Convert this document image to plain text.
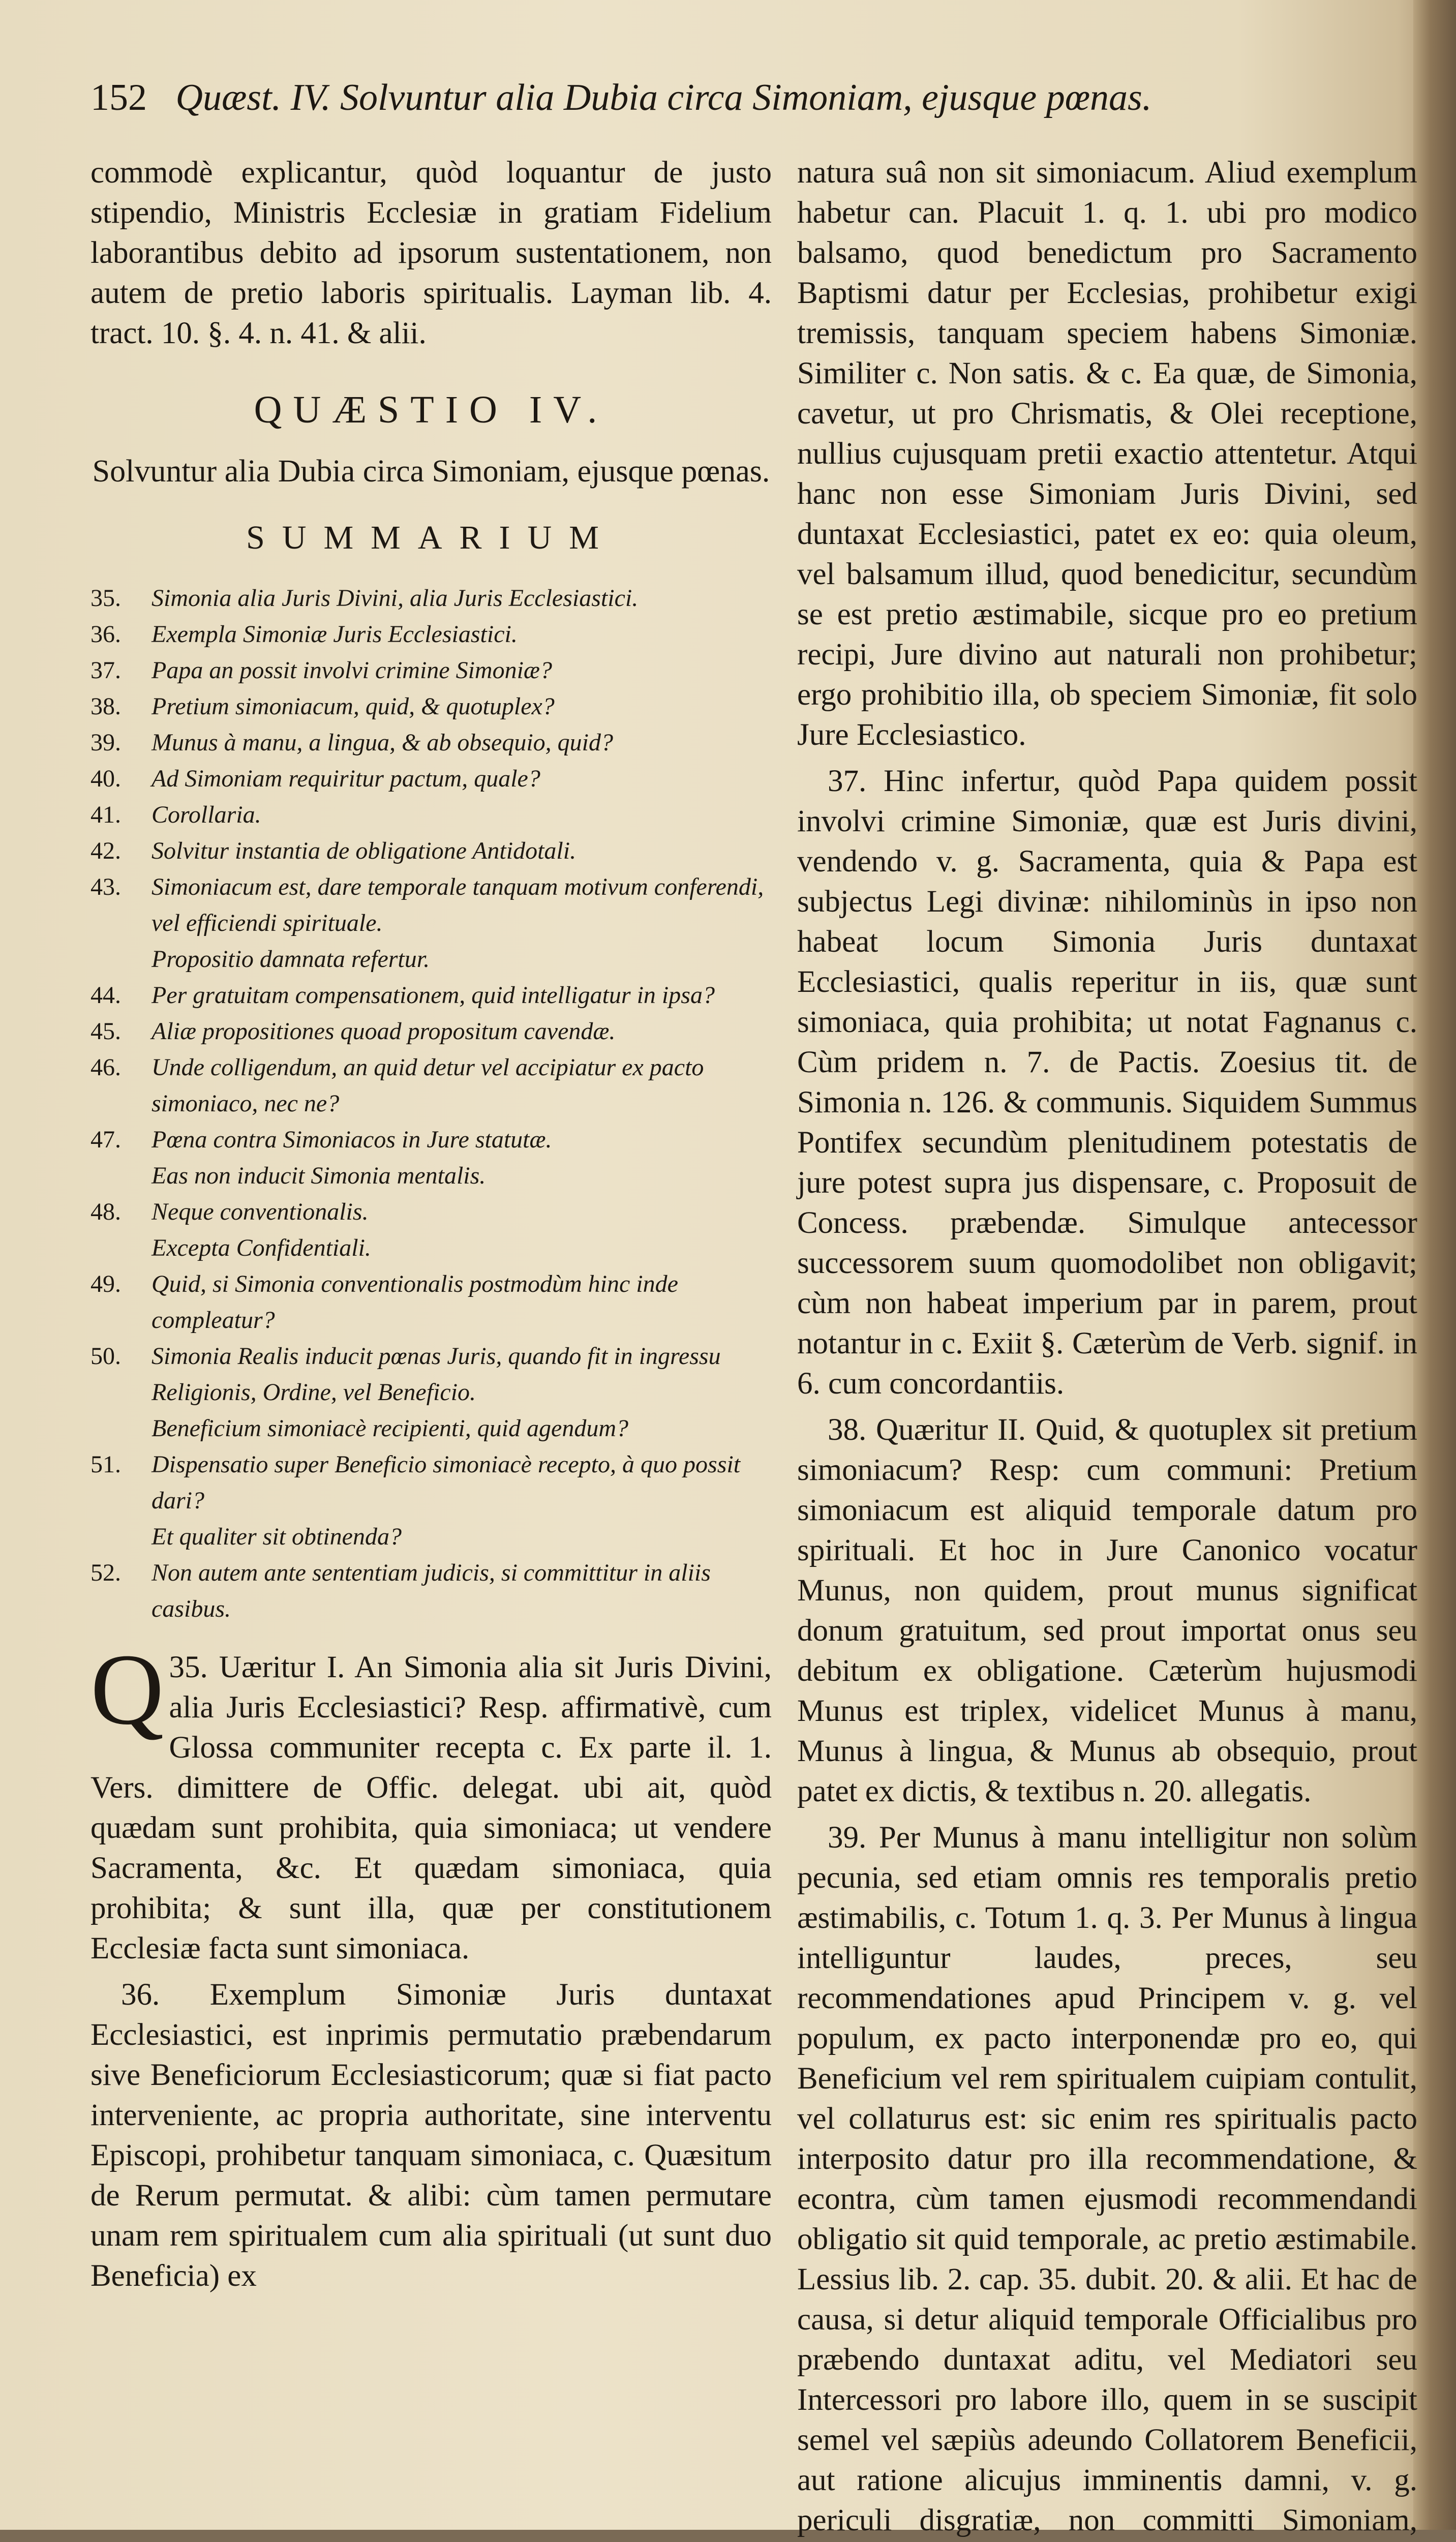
152 Quæst. IV. Solvuntur alia Dubia circa Simoniam, ejusque pœnas.

commodè explicantur, quòd loquantur de justo stipendio, Ministris Ecclesiæ in gratiam Fidelium laborantibus debito ad ipsorum sustentationem, non autem de pretio laboris spiritualis. Layman lib. 4. tract. 10. §. 4. n. 41. & alii.

QUÆSTIO IV.
Solvuntur alia Dubia circa Simoniam, ejusque pœnas.
SUMMARIUM
35.	Simonia alia Juris Divini, alia Juris Ecclesiastici.
36.	Exempla Simoniæ Juris Ecclesiastici.
37.	Papa an possit involvi crimine Simoniæ?
38.	Pretium simoniacum, quid, & quotuplex?
39.	Munus à manu, a lingua, & ab obsequio, quid?
40.	Ad Simoniam requiritur pactum, quale?
41.	Corollaria.
42.	Solvitur instantia de obligatione Antidotali.
43.	Simoniacum est, dare temporale tanquam motivum conferendi, vel efficiendi spirituale.
Propositio damnata refertur.
44.	Per gratuitam compensationem, quid intelligatur in ipsa?
45.	Aliæ propositiones quoad propositum cavendæ.
46.	Unde colligendum, an quid detur vel accipiatur ex pacto simoniaco, nec ne?
47.	Pœna contra Simoniacos in Jure statutæ.
Eas non inducit Simonia mentalis.
48.	Neque conventionalis.
Excepta Confidentiali.
49.	Quid, si Simonia conventionalis postmodùm hinc inde compleatur?
50.	Simonia Realis inducit pœnas Juris, quando fit in ingressu Religionis, Ordine, vel Beneficio.
Beneficium simoniacè recipienti, quid agendum?
51.	Dispensatio super Beneficio simoniacè recepto, à quo possit dari?
Et qualiter sit obtinenda?
52.	Non autem ante sententiam judicis, si committitur in aliis casibus.

35.
Q Uæritur I. An Simonia alia sit Juris Divini, alia Juris Ecclesiastici? Resp. affirmativè, cum Glossa communiter recepta c. Ex parte il. 1. Vers. dimittere de Offic. delegat. ubi ait, quòd quædam sunt prohibita, quia simoniaca; ut vendere Sacramenta, &c. Et quædam simoniaca, quia prohibita; & sunt illa, quæ per constitutionem Ecclesiæ facta sunt simoniaca.

36. Exemplum Simoniæ Juris duntaxat Ecclesiastici, est inprimis permutatio præbendarum sive Beneficiorum Ecclesiasticorum; quæ si fiat pacto interveniente, ac propria authoritate, sine interventu Episcopi, prohibetur tanquam simoniaca, c. Quæsitum de Rerum permutat. & alibi: cùm tamen permutare unam rem spiritualem cum alia spirituali (ut sunt duo Beneficia) ex

natura suâ non sit simoniacum. Aliud exemplum habetur can. Placuit 1. q. 1. ubi pro modico balsamo, quod benedictum pro Sacramento Baptismi datur per Ecclesias, prohibetur exigi tremissis, tanquam speciem habens Simoniæ. Similiter c. Non satis. & c. Ea quæ, de Simonia, cavetur, ut pro Chrismatis, & Olei receptione, nullius cujusquam pretii exactio attentetur. Atqui hanc non esse Simoniam Juris Divini, sed duntaxat Ecclesiastici, patet ex eo: quia oleum, vel balsamum illud, quod benedicitur, secundùm se est pretio æstimabile, sicque pro eo pretium recipi, Jure divino aut naturali non prohibetur; ergo prohibitio illa, ob speciem Simoniæ, fit solo Jure Ecclesiastico.

37. Hinc infertur, quòd Papa quidem possit involvi crimine Simoniæ, quæ est Juris divini, vendendo v. g. Sacramenta, quia & Papa est subjectus Legi divinæ: nihilominùs in ipso non habeat locum Simonia Juris duntaxat Ecclesiastici, qualis reperitur in iis, quæ sunt simoniaca, quia prohibita; ut notat Fagnanus c. Cùm pridem n. 7. de Pactis. Zoesius tit. de Simonia n. 126. & communis. Siquidem Summus Pontifex secundùm plenitudinem potestatis de jure potest supra jus dispensare, c. Proposuit de Concess. præbendæ. Simulque antecessor successorem suum quomodolibet non obligavit; cùm non habeat imperium par in parem, prout notantur in c. Exiit §. Cæterùm de Verb. signif. in 6. cum concordantiis.

38. Quæritur II. Quid, & quotuplex sit pretium simoniacum? Resp: cum communi: Pretium simoniacum est aliquid temporale datum pro spirituali. Et hoc in Jure Canonico vocatur Munus, non quidem, prout munus significat donum gratuitum, sed prout importat onus seu debitum ex obligatione. Cæterùm hujusmodi Munus est triplex, videlicet Munus à manu, Munus à lingua, & Munus ab obsequio, prout patet ex dictis, & textibus n. 20. allegatis.

39. Per Munus à manu intelligitur non solùm pecunia, sed etiam omnis res temporalis pretio æstimabilis, c. Totum 1. q. 3. Per Munus à lingua intelliguntur laudes, preces, seu recommendationes apud Principem v. g. vel populum, ex pacto interponendæ pro eo, qui Beneficium vel rem spiritualem cuipiam contulit, vel collaturus est: sic enim res spiritualis pacto interposito datur pro illa recommendatione, & econtra, cùm tamen ejusmodi recommendandi obligatio sit quid temporale, ac pretio æstimabile. Lessius lib. 2. cap. 35. dubit. 20. & alii. Et hac de causa, si detur aliquid temporale Officialibus pro præbendo duntaxat aditu, vel Mediatori seu Intercessori pro labore illo, quem in se suscipit semel vel sæpiùs adeundo Collatorem Beneficii, aut ratione alicujus imminentis damni, v. g. periculi disgratiæ, non committi Simoniam,
